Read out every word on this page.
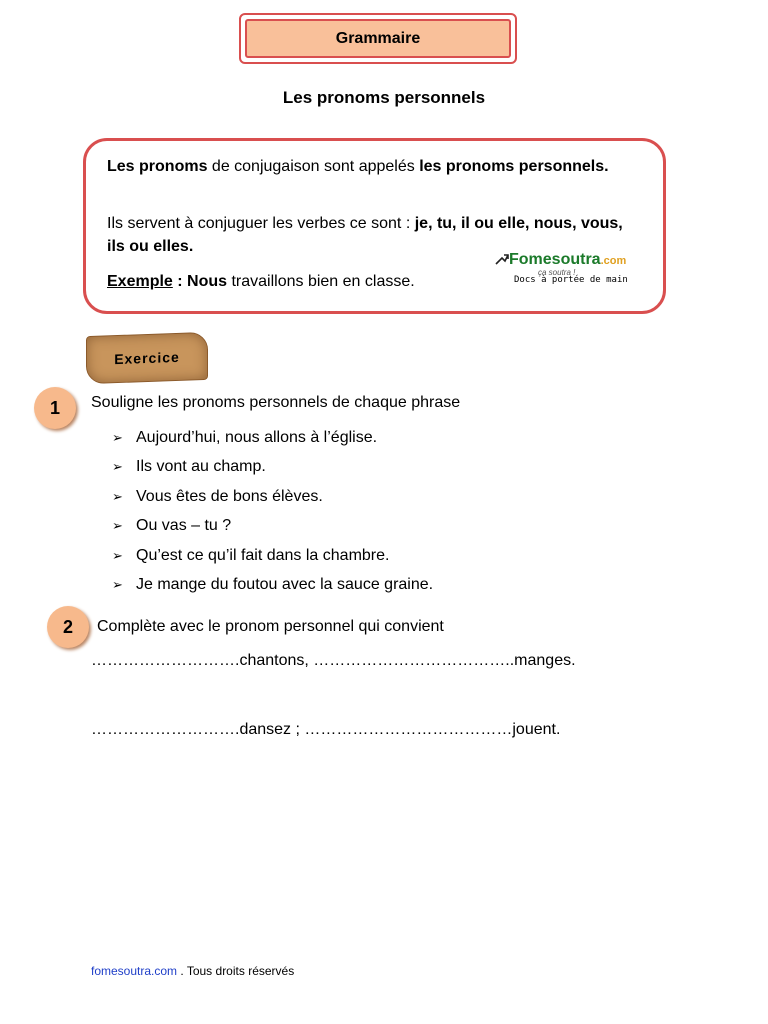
Grammaire
Les pronoms personnels

Les pronoms de conjugaison sont appelés les pronoms personnels.

Ils servent à conjuguer les verbes ce sont : je, tu, il ou elle, nous, vous, ils ou elles.

Exemple : Nous travaillons bien en classe.

Fomesoutra.com
ça soutra !
Docs à portée de main
Exercice
1	Souligne les pronoms personnels de chaque phrase
➢ Aujourd’hui, nous allons à l’église.
➢ Ils vont au champ.
➢ Vous êtes de bons élèves.
➢ Ou vas – tu ?
➢ Qu’est ce qu’il fait dans la chambre.
➢ Je mange du foutou avec la sauce graine.
2	Complète avec le pronom personnel qui convient
……………………….chantons, ………………………………..manges.
……………………….dansez ; …………………………………jouent.
fomesoutra.com . Tous droits réservés
